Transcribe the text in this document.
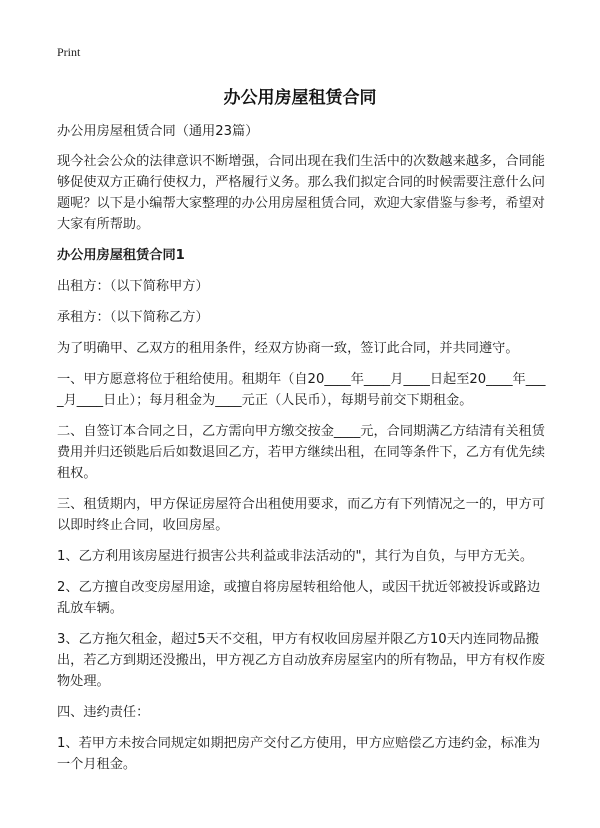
Print
办公用房屋租赁合同

办公用房屋租赁合同（通用23篇）

现今社会公众的法律意识不断增强，合同出现在我们生活中的次数越来越多，合同能够促使双方正确行使权力，严格履行义务。那么我们拟定合同的时候需要注意什么问题呢？以下是小编帮大家整理的办公用房屋租赁合同，欢迎大家借鉴与参考，希望对大家有所帮助。

办公用房屋租赁合同1

出租方：（以下简称甲方）

承租方：（以下简称乙方）

为了明确甲、乙双方的租用条件，经双方协商一致，签订此合同，并共同遵守。

一、甲方愿意将位于租给使用。租期年（自20____年____月____日起至20____年____月____日止）；每月租金为____元正（人民币），每期号前交下期租金。

二、自签订本合同之日，乙方需向甲方缴交按金____元，合同期满乙方结清有关租赁费用并归还锁匙后后如数退回乙方，若甲方继续出租，在同等条件下，乙方有优先续租权。

三、租赁期内，甲方保证房屋符合出租使用要求，而乙方有下列情况之一的，甲方可以即时终止合同，收回房屋。

1、乙方利用该房屋进行损害公共利益或非法活动的"，其行为自负，与甲方无关。

2、乙方擅自改变房屋用途，或擅自将房屋转租给他人，或因干扰近邻被投诉或路边乱放车辆。

3、乙方拖欠租金，超过5天不交租，甲方有权收回房屋并限乙方10天内连同物品搬出，若乙方到期还没搬出，甲方视乙方自动放弃房屋室内的所有物品，甲方有权作废物处理。

四、违约责任：

1、若甲方未按合同规定如期把房产交付乙方使用，甲方应赔偿乙方违约金，标准为一个月租金。
